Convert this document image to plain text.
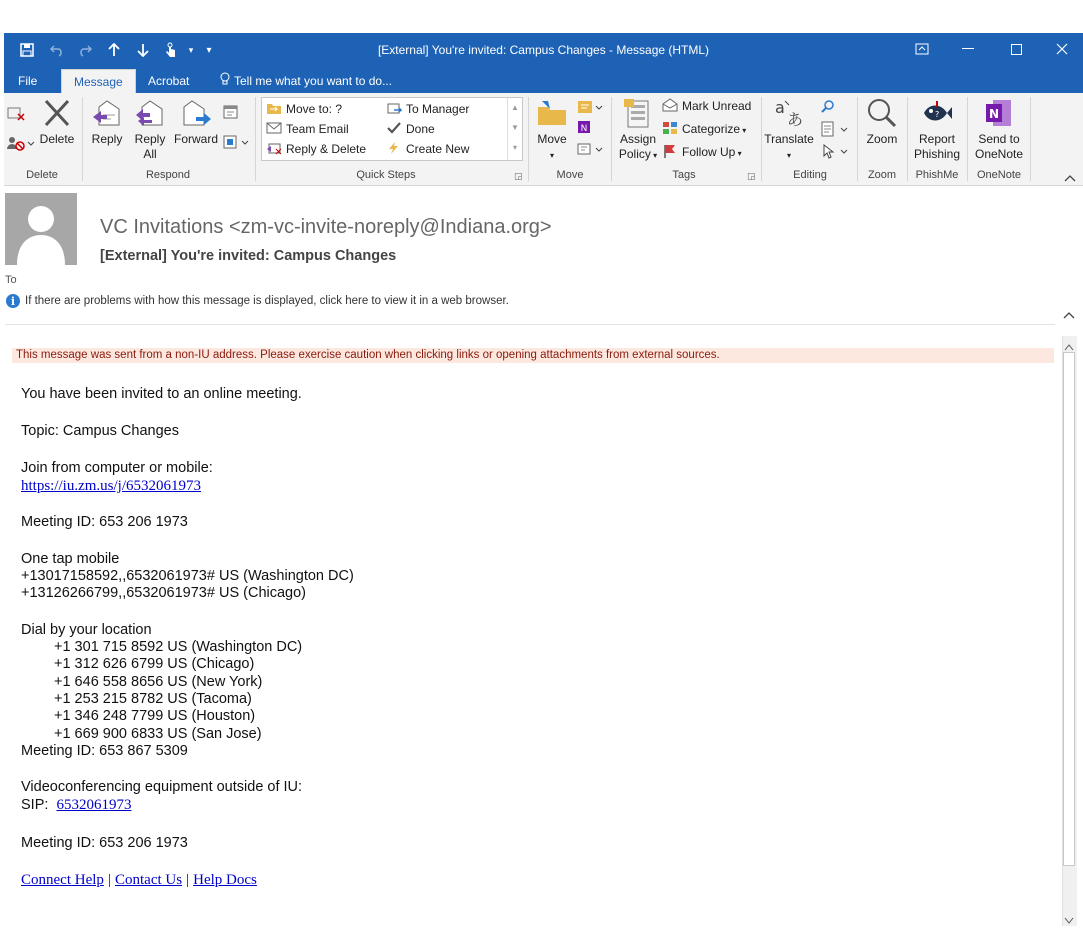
▾	▾	[External] You're invited: Campus Changes - Message (HTML)
File	Message	Acrobat	Tell me what you want to do...
Delete
Delete
Reply	Reply
All
Forward
Respond
Move to: ?
Team Email
Reply & Delete
To Manager
Done
Create New
▲
▼
▾
Quick Steps	◲
Move
▾
N
Move
Assign
Policy ▾
Mark Unread
Categorize ▾
Follow Up ▾
Tags	◲
a
あ
Translate
▾
Editing
Zoom
Zoom
?
Report
Phishing
PhishMe
N
Send to
OneNote
OneNote
VC Invitations <zm-vc-invite-noreply@Indiana.org>
[External] You're invited: Campus Changes
To
i If there are problems with how this message is displayed, click here to view it in a web browser.
This message was sent from a non-IU address. Please exercise caution when clicking links or opening attachments from external sources.
You have been invited to an online meeting.
Topic: Campus Changes
Join from computer or mobile:
https://iu.zm.us/j/6532061973
Meeting ID: 653 206 1973
One tap mobile
+13017158592,,6532061973# US (Washington DC)
+13126266799,,6532061973# US (Chicago)
Dial by your location
+1 301 715 8592 US (Washington DC)
+1 312 626 6799 US (Chicago)
+1 646 558 8656 US (New York)
+1 253 215 8782 US (Tacoma)
+1 346 248 7799 US (Houston)
+1 669 900 6833 US (San Jose)
Meeting ID: 653 867 5309
Videoconferencing equipment outside of IU:
SIP: 6532061973
Meeting ID: 653 206 1973
Connect Help | Contact Us | Help Docs
